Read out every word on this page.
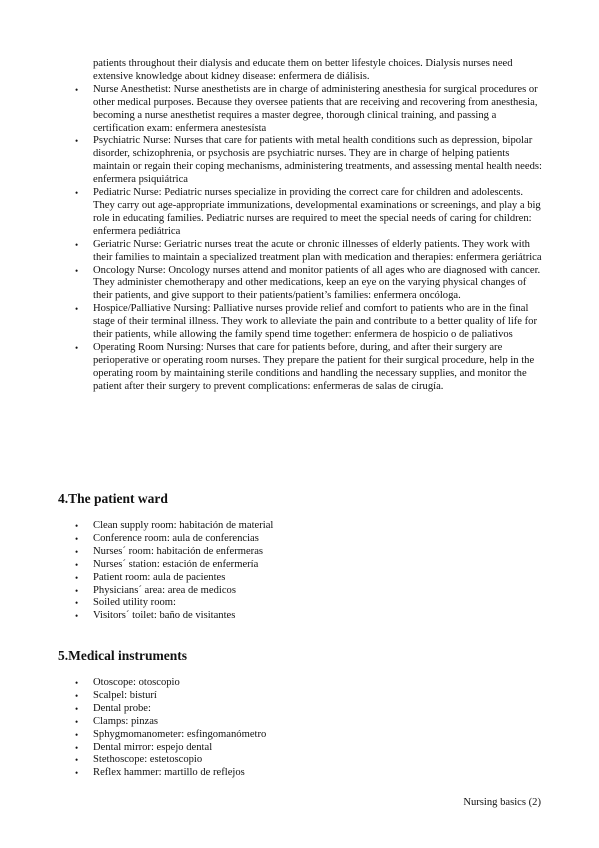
patients throughout their dialysis and educate them on better lifestyle choices. Dialysis nurses need extensive knowledge about kidney disease: enfermera de diálisis.
• Nurse Anesthetist: Nurse anesthetists are in charge of administering anesthesia for surgical procedures or other medical purposes. Because they oversee patients that are receiving and recovering from anesthesia, becoming a nurse anesthetist requires a master degree, thorough clinical training, and passing a certification exam: enfermera anestesísta
• Psychiatric Nurse: Nurses that care for patients with metal health conditions such as depression, bipolar disorder, schizophrenia, or psychosis are psychiatric nurses. They are in charge of helping patients maintain or regain their coping mechanisms, administering treatments, and assessing mental health needs: enfermera psiquiátrica
• Pediatric Nurse: Pediatric nurses specialize in providing the correct care for children and adolescents. They carry out age-appropriate immunizations, developmental examinations or screenings, and play a big role in educating families. Pediatric nurses are required to meet the special needs of caring for children: enfermera pediátrica
• Geriatric Nurse: Geriatric nurses treat the acute or chronic illnesses of elderly patients. They work with their families to maintain a specialized treatment plan with medication and therapies: enfermera geriátrica
• Oncology Nurse: Oncology nurses attend and monitor patients of all ages who are diagnosed with cancer. They administer chemotherapy and other medications, keep an eye on the varying physical changes of their patients, and give support to their patients/patient’s families: enfermera oncóloga.
• Hospice/Palliative Nursing: Palliative nurses provide relief and comfort to patients who are in the final stage of their terminal illness. They work to alleviate the pain and contribute to a better quality of life for their patients, while allowing the family spend time together: enfermera de hospicio o de paliativos
• Operating Room Nursing: Nurses that care for patients before, during, and after their surgery are perioperative or operating room nurses. They prepare the patient for their surgical procedure, help in the operating room by maintaining sterile conditions and handling the necessary supplies, and monitor the patient after their surgery to prevent complications: enfermeras de salas de cirugía.
4.The patient ward
• Clean supply room: habitación de material
• Conference room: aula de conferencias
• Nurses´ room: habitación de enfermeras
• Nurses´ station: estación de enfermería
• Patient room: aula de pacientes
• Physicians´ area: area de medicos
• Soiled utility room:
• Visitors´ toilet: baño de visitantes
5.Medical instruments
• Otoscope: otoscopio
• Scalpel: bisturí
• Dental probe:
• Clamps: pinzas
• Sphygmomanometer: esfingomanómetro
• Dental mirror: espejo dental
• Stethoscope: estetoscopio
• Reflex hammer: martillo de reflejos
Nursing basics (2)
